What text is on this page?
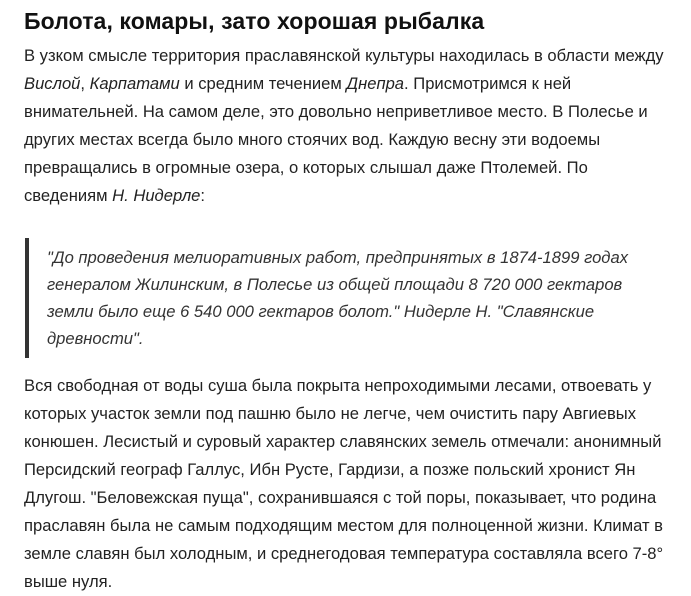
Болота, комары, зато хорошая рыбалка

В узком смысле территория праславянской культуры находилась в области между Вислой, Карпатами и средним течением Днепра. Присмотримся к ней внимательней. На самом деле, это довольно неприветливое место. В Полесье и других местах всегда было много стоячих вод. Каждую весну эти водоемы превращались в огромные озера, о которых слышал даже Птолемей. По сведениям Н. Нидерле:

"До проведения мелиоративных работ, предпринятых в 1874-1899 годах генералом Жилинским, в Полесье из общей площади 8 720 000 гектаров земли было еще 6 540 000 гектаров болот." Нидерле Н. "Славянские древности".

Вся свободная от воды суша была покрыта непроходимыми лесами, отвоевать у которых участок земли под пашню было не легче, чем очистить пару Авгиевых конюшен. Лесистый и суровый характер славянских земель отмечали: анонимный Персидский географ Галлус, Ибн Русте, Гардизи, а позже польский хронист Ян Длугош. "Беловежская пуща", сохранившаяся с той поры, показывает, что родина праславян была не самым подходящим местом для полноценной жизни. Климат в земле славян был холодным, и среднегодовая температура составляла всего 7-8° выше нуля.
